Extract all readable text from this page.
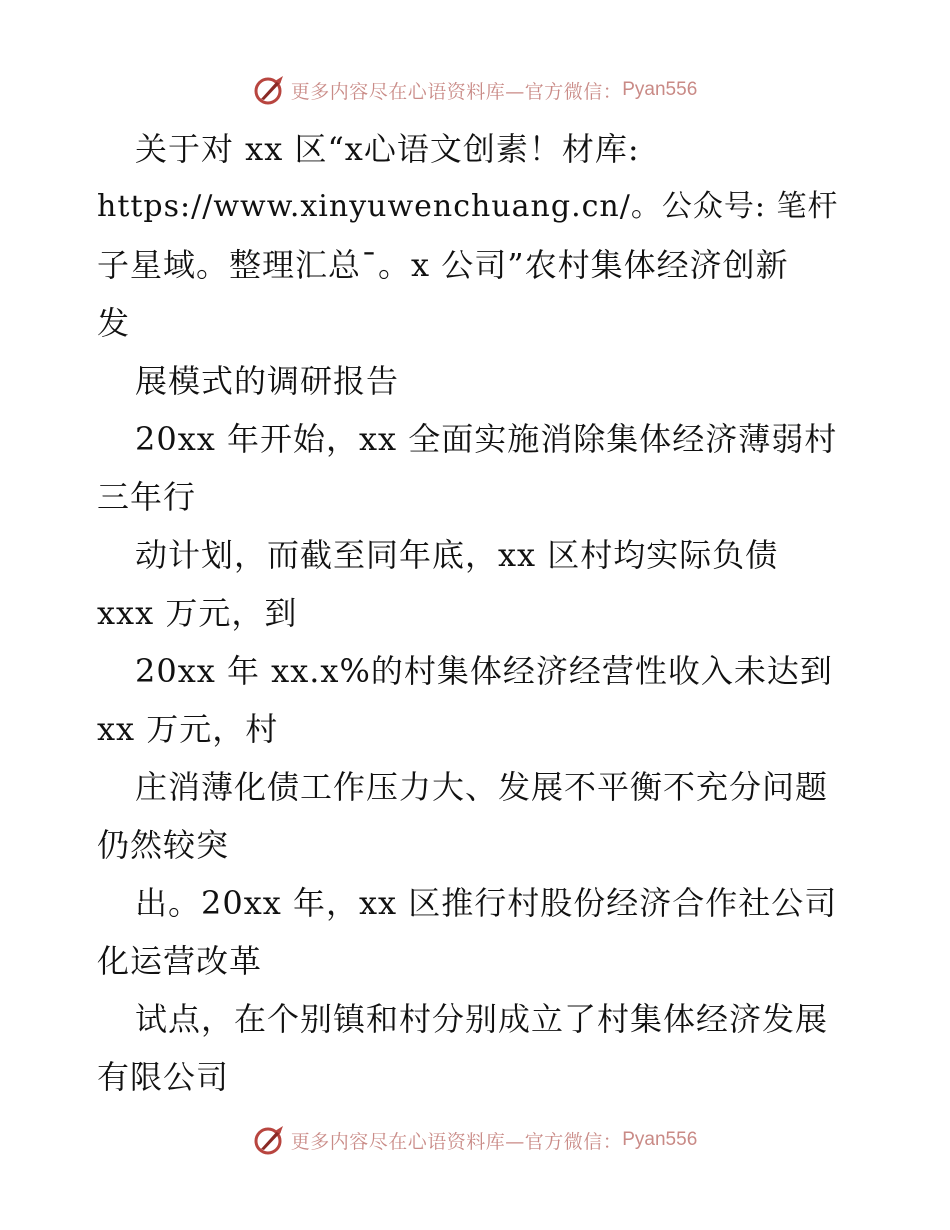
更多内容尽在心语资料库—官方微信： Pyan556
关于对 xx 区“x心语文创素！材库:
https://www.xinyuwenchuang.cn/。公众号: 笔杆
子星域。整理汇总¯。x 公司”农村集体经济创新
发
展模式的调研报告
20xx 年开始，xx 全面实施消除集体经济薄弱村
三年行
动计划，而截至同年底，xx 区村均实际负债
xxx 万元，到
20xx 年 xx.x%的村集体经济经营性收入未达到
xx 万元，村
庄消薄化债工作压力大、发展不平衡不充分问题
仍然较突
出。20xx 年，xx 区推行村股份经济合作社公司
化运营改革
试点，在个别镇和村分别成立了村集体经济发展
有限公司
更多内容尽在心语资料库—官方微信： Pyan556
